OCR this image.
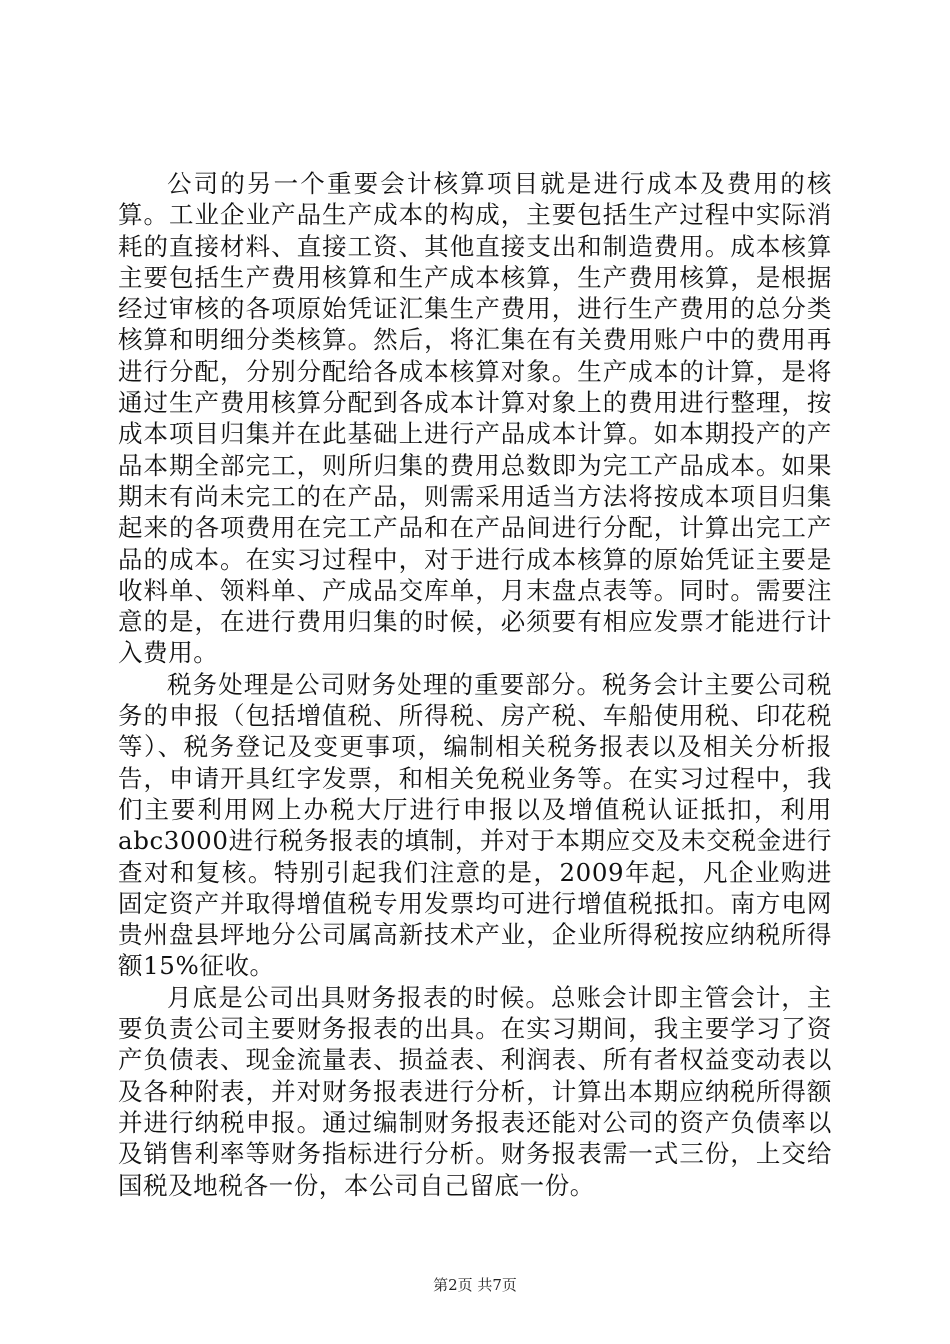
公司的另一个重要会计核算项目就是进行成本及费用的核算。工业企业产品生产成本的构成，主要包括生产过程中实际消耗的直接材料、直接工资、其他直接支出和制造费用。成本核算主要包括生产费用核算和生产成本核算，生产费用核算，是根据经过审核的各项原始凭证汇集生产费用，进行生产费用的总分类核算和明细分类核算。然后，将汇集在有关费用账户中的费用再进行分配，分别分配给各成本核算对象。生产成本的计算，是将通过生产费用核算分配到各成本计算对象上的费用进行整理，按成本项目归集并在此基础上进行产品成本计算。如本期投产的产品本期全部完工，则所归集的费用总数即为完工产品成本。如果期末有尚未完工的在产品，则需采用适当方法将按成本项目归集起来的各项费用在完工产品和在产品间进行分配，计算出完工产品的成本。在实习过程中，对于进行成本核算的原始凭证主要是收料单、领料单、产成品交库单，月末盘点表等。同时。需要注意的是，在进行费用归集的时候，必须要有相应发票才能进行计入费用。

税务处理是公司财务处理的重要部分。税务会计主要公司税务的申报（包括增值税、所得税、房产税、车船使用税、印花税等）、税务登记及变更事项，编制相关税务报表以及相关分析报告，申请开具红字发票，和相关免税业务等。在实习过程中，我们主要利用网上办税大厅进行申报以及增值税认证抵扣，利用abc3000进行税务报表的填制，并对于本期应交及未交税金进行查对和复核。特别引起我们注意的是，2009年起，凡企业购进固定资产并取得增值税专用发票均可进行增值税抵扣。南方电网贵州盘县坪地分公司属高新技术产业，企业所得税按应纳税所得额15%征收。

月底是公司出具财务报表的时候。总账会计即主管会计，主要负责公司主要财务报表的出具。在实习期间，我主要学习了资产负债表、现金流量表、损益表、利润表、所有者权益变动表以及各种附表，并对财务报表进行分析，计算出本期应纳税所得额并进行纳税申报。通过编制财务报表还能对公司的资产负债率以及销售利率等财务指标进行分析。财务报表需一式三份，上交给国税及地税各一份，本公司自己留底一份。

第2页 共7页
